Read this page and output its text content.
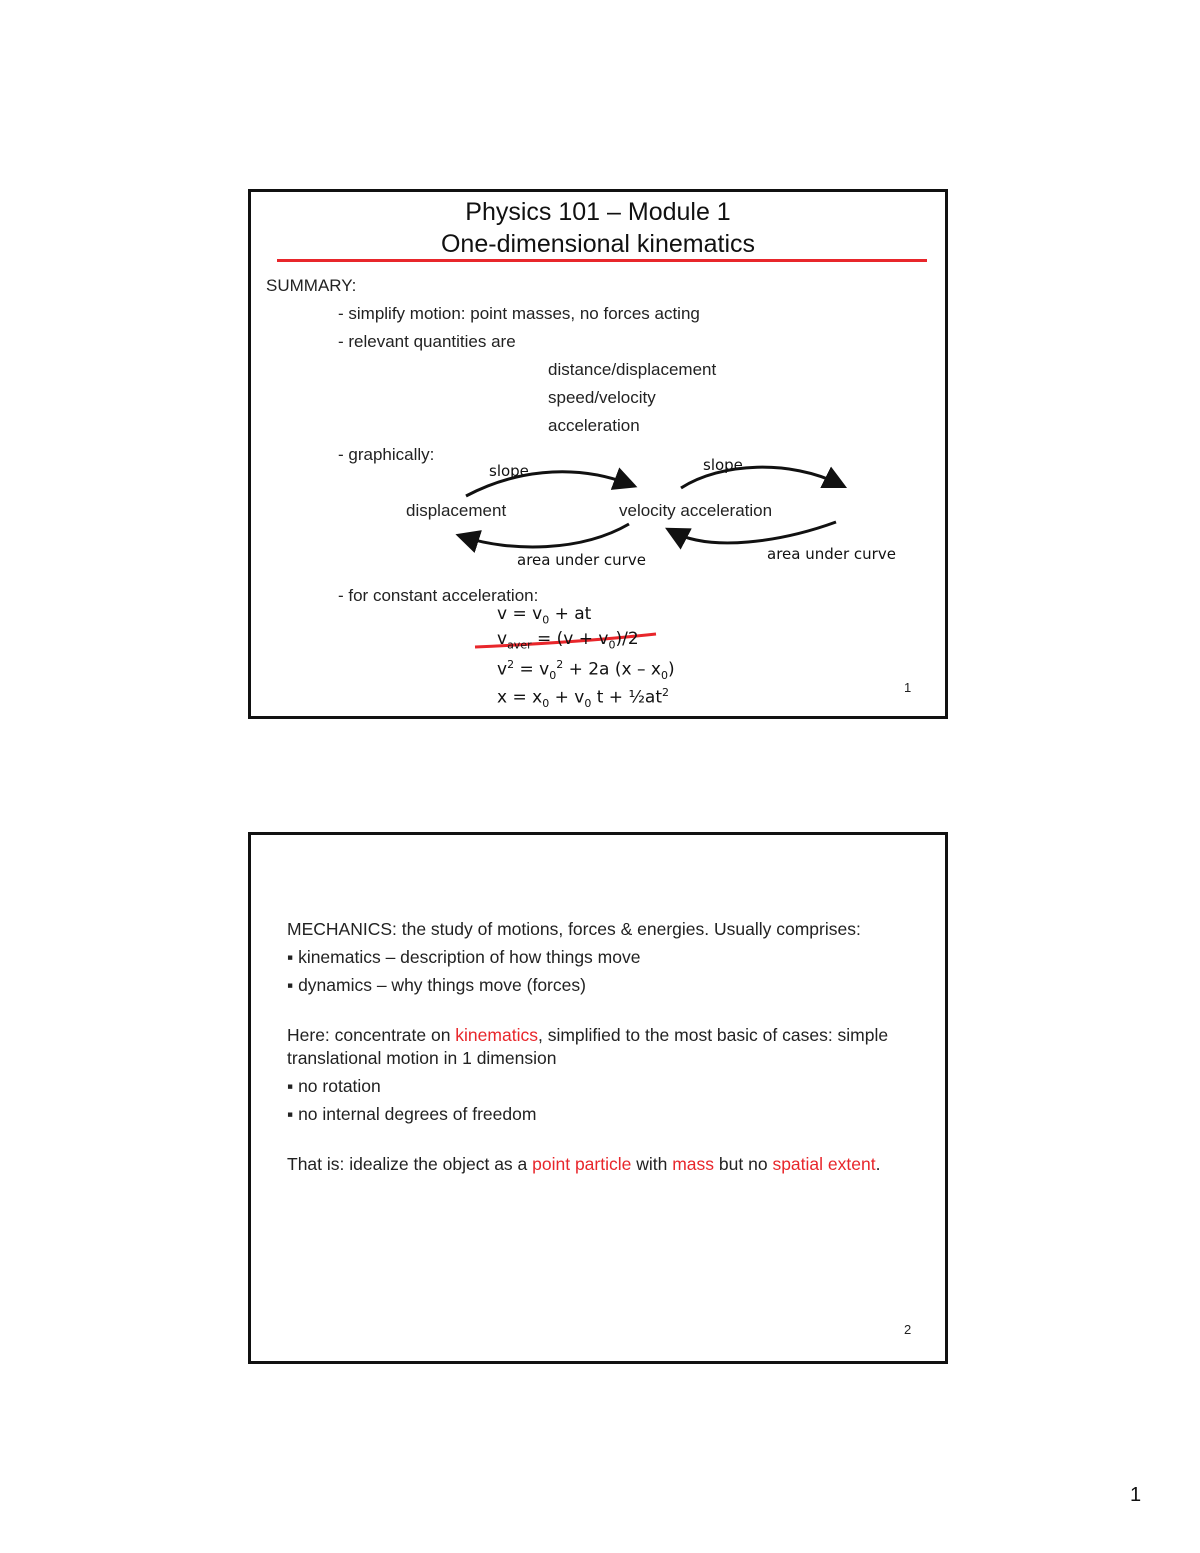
Physics 101 – Module 1
One-dimensional kinematics
SUMMARY:
- simplify motion: point masses, no forces acting
- relevant quantities are
distance/displacement
speed/velocity
acceleration
- graphically:
slope	slope
displacement	velocity acceleration
area under curve	area under curve
- for constant acceleration:
$v = v_0$ + at
$v_{aver} = (v + v_0)/2$
$v^2 = v_0^2 + 2a$ $(x - x_0)$
$x = x_0 + v_0$ $t + \frac{1}{2}at^2$	1

MECHANICS: the study of motions, forces & energies. Usually comprises:

▪ kinematics – description of how things move

▪ dynamics – why things move (forces)

Here: concentrate on kinematics, simplified to the most basic of cases: simple translational motion in 1 dimension

▪ no rotation

▪ no internal degrees of freedom

That is: idealize the object as a point particle with mass but no spatial extent.

2
1
